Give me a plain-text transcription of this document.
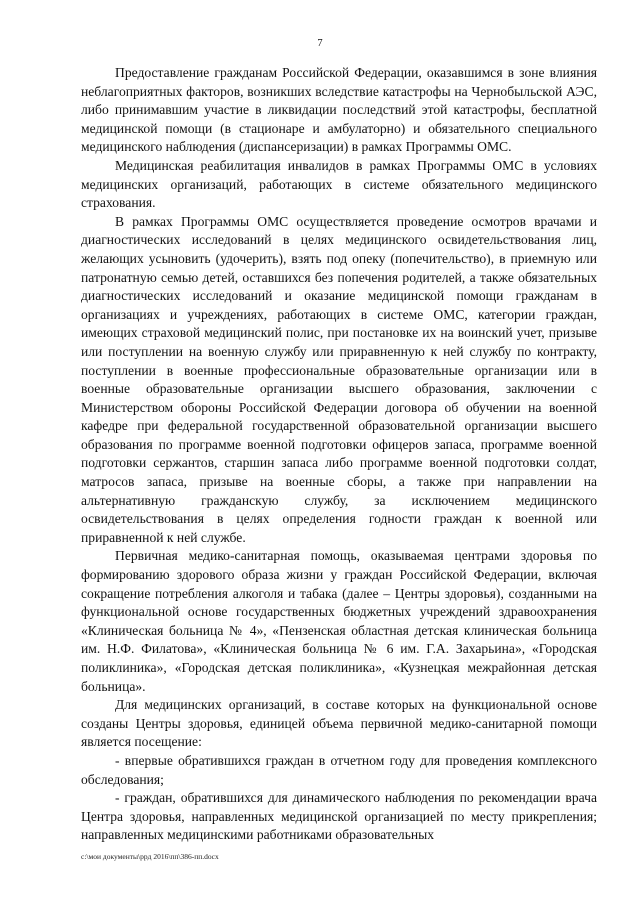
7

Предоставление гражданам Российской Федерации, оказавшимся в зоне влияния неблагоприятных факторов, возникших вследствие катастрофы на Чернобыльской АЭС, либо принимавшим участие в ликвидации последствий этой катастрофы, бесплатной медицинской помощи (в стационаре и амбулаторно) и обязательного специального медицинского наблюдения (диспансеризации) в рамках Программы ОМС.

Медицинская реабилитация инвалидов в рамках Программы ОМС в условиях медицинских организаций, работающих в системе обязательного медицинского страхования.

В рамках Программы ОМС осуществляется проведение осмотров врачами и диагностических исследований в целях медицинского освидетельствования лиц, желающих усыновить (удочерить), взять под опеку (попечительство), в приемную или патронатную семью детей, оставшихся без попечения родителей, а также обязательных диагностических исследований и оказание медицинской помощи гражданам в организациях и учреждениях, работающих в системе ОМС, категории граждан, имеющих страховой медицинский полис, при постановке их на воинский учет, призыве или поступлении на военную службу или приравненную к ней службу по контракту, поступлении в военные профессиональные образовательные организации или в военные образовательные организации высшего образования, заключении с Министерством обороны Российской Федерации договора об обучении на военной кафедре при федеральной государственной образовательной организации высшего образования по программе военной подготовки офицеров запаса, программе военной подготовки сержантов, старшин запаса либо программе военной подготовки солдат, матросов запаса, призыве на военные сборы, а также при направлении на альтернативную гражданскую службу, за исключением медицинского освидетельствования в целях определения годности граждан к военной или приравненной к ней службе.

Первичная медико-санитарная помощь, оказываемая центрами здоровья по формированию здорового образа жизни у граждан Российской Федерации, включая сокращение потребления алкоголя и табака (далее – Центры здоровья), созданными на функциональной основе государственных бюджетных учреждений здравоохранения «Клиническая больница № 4», «Пензенская областная детская клиническая больница им. Н.Ф. Филатова», «Клиническая больница № 6 им. Г.А. Захарьина», «Городская поликлиника», «Городская детская поликлиника», «Кузнецкая межрайонная детская больница».

Для медицинских организаций, в составе которых на функциональной основе созданы Центры здоровья, единицей объема первичной медико-санитарной помощи является посещение:

- впервые обратившихся граждан в отчетном году для проведения комплексного обследования;

- граждан, обратившихся для динамического наблюдения по рекомендации врача Центра здоровья, направленных медицинской организацией по месту прикрепления; направленных медицинскими работниками образовательных

c:\мои документы\ppд 2016\пп\386-пп.docx
